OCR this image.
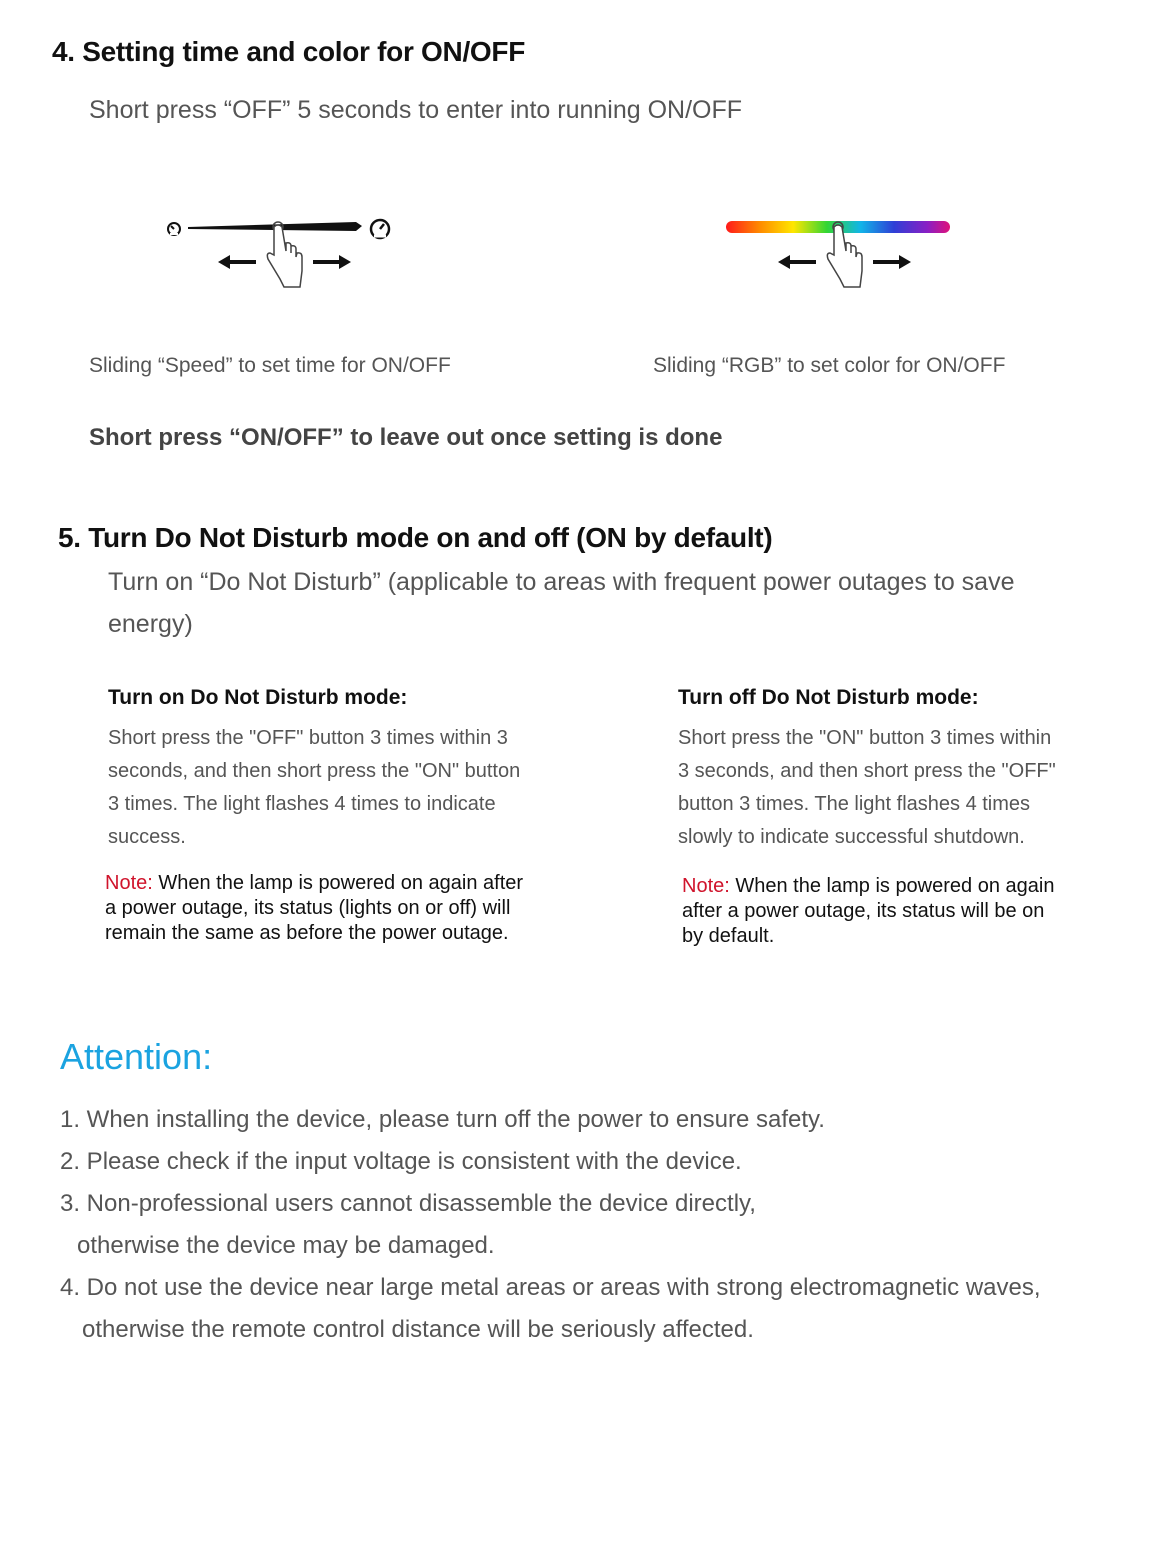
4. Setting time and color for ON/OFF
Short press “OFF” 5 seconds to enter into running ON/OFF
Sliding “Speed” to set time for ON/OFF	Sliding “RGB” to set color for ON/OFF
Short press “ON/OFF” to leave out once setting is done
5. Turn Do Not Disturb mode on and off (ON by default)
Turn on “Do Not Disturb” (applicable to areas with frequent power outages to save
energy)
Turn on Do Not Disturb mode:
Short press the "OFF" button 3 times within 3
seconds, and then short press the "ON" button
3 times. The light flashes 4 times to indicate
success.
Note: When the lamp is powered on again after
a power outage, its status (lights on or off) will
remain the same as before the power outage.
Turn off Do Not Disturb mode:
Short press the "ON" button 3 times within
3 seconds, and then short press the "OFF"
button 3 times. The light flashes 4 times
slowly to indicate successful shutdown.
Note: When the lamp is powered on again
after a power outage, its status will be on
by default.
Attention:
1. When installing the device, please turn off the power to ensure safety.
2. Please check if the input voltage is consistent with the device.
3. Non-professional users cannot disassemble the device directly,
otherwise the device may be damaged.
4. Do not use the device near large metal areas or areas with strong electromagnetic waves,
otherwise the remote control distance will be seriously affected.
